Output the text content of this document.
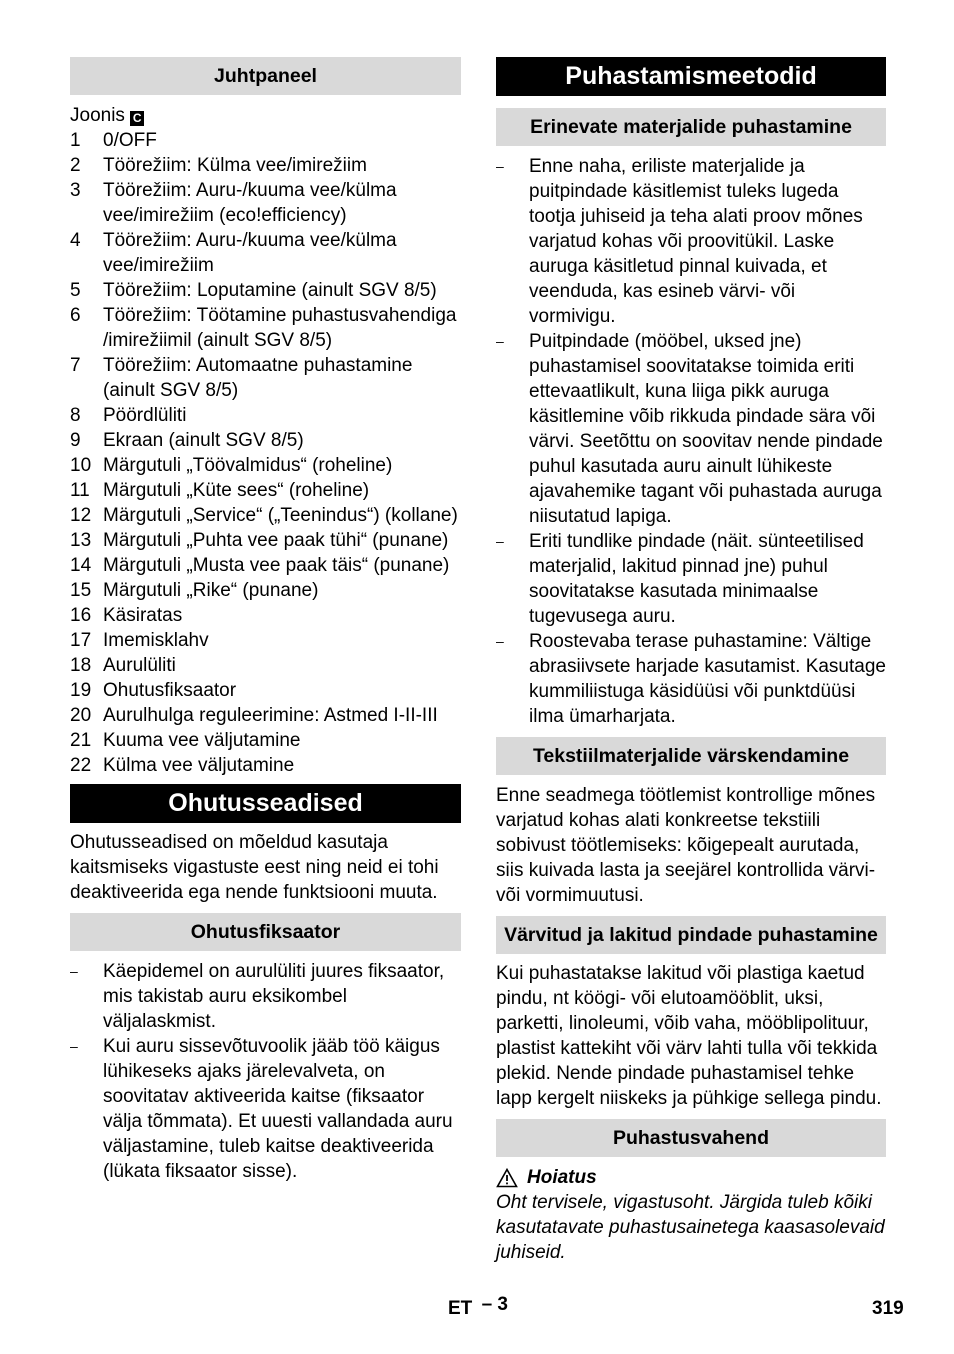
Juhtpaneel
Joonis C
1	0/OFF
2	Töörežiim: Külma vee/imirežiim
3	Töörežiim: Auru-/kuuma vee/külma vee/imirežiim (eco!efficiency)
4	Töörežiim: Auru-/kuuma vee/külma vee/imirežiim
5	Töörežiim: Loputamine (ainult SGV 8/5)
6	Töörežiim: Töötamine puhastusvahendiga /imirežiimil (ainult SGV 8/5)
7	Töörežiim: Automaatne puhastamine (ainult SGV 8/5)
8	Pöördlüliti
9	Ekraan (ainult SGV 8/5)
10 Märgutuli „Töövalmidus“ (roheline)
11 Märgutuli „Küte sees“ (roheline)
12 Märgutuli „Service“ („Teenindus“) (kollane)
13 Märgutuli „Puhta vee paak tühi“ (punane)
14 Märgutuli „Musta vee paak täis“ (punane)
15 Märgutuli „Rike“ (punane)
16 Käsiratas
17 Imemisklahv
18 Aurulüliti
19 Ohutusfiksaator
20 Aurulhulga reguleerimine: Astmed I-II-III
21 Kuuma vee väljutamine
22 Külma vee väljutamine
Ohutusseadised

Ohutusseadised on mõeldud kasutaja kaitsmiseks vigastuste eest ning neid ei tohi deaktiveerida ega nende funktsiooni muuta.

Ohutusfiksaator
–	Käepidemel on aurulüliti juures fiksaator, mis takistab auru eksikombel väljalaskmist.
–	Kui auru sissevõtuvoolik jääb töö käigus lühikeseks ajaks järelevalveta, on soovitatav aktiveerida kaitse (fiksaator välja tõmmata). Et uuesti vallandada auru väljastamine, tuleb kaitse deaktiveerida (lükata fiksaator sisse).
Puhastamismeetodid
Erinevate materjalide puhastamine
–	Enne naha, eriliste materjalide ja puitpindade käsitlemist tuleks lugeda tootja juhiseid ja teha alati proov mõnes varjatud kohas või proovitükil. Laske auruga käsitletud pinnal kuivada, et veenduda, kas esineb värvi- või vormivigu.
–	Puitpindade (mööbel, uksed jne) puhastamisel soovitatakse toimida eriti ettevaatlikult, kuna liiga pikk auruga käsitlemine võib rikkuda pindade sära või värvi. Seetõttu on soovitav nende pindade puhul kasutada auru ainult lühikeste ajavahemike tagant või puhastada auruga niisutatud lapiga.
–	Eriti tundlike pindade (näit. sünteetilised materjalid, lakitud pinnad jne) puhul soovitatakse kasutada minimaalse tugevusega auru.
–	Roostevaba terase puhastamine: Vältige abrasiivsete harjade kasutamist. Kasutage kummiliistuga käsidüüsi või punktdüüsi ilma ümarharjata.
Tekstiilmaterjalide värskendamine

Enne seadmega töötlemist kontrollige mõnes varjatud kohas alati konkreetse tekstiili sobivust töötlemiseks: kõigepealt aurutada, siis kuivada lasta ja seejärel kontrollida värvi- või vormimuutusi.

Värvitud ja lakitud pindade puhastamine

Kui puhastatakse lakitud või plastiga kaetud pindu, nt köögi- või elutoamööblit, uksi, parketti, linoleumi, võib vaha, mööblipolituur, plastist kattekiht või värv lahti tulla või tekkida plekid. Nende pindade puhastamisel tehke lapp kergelt niiskeks ja pühkige sellega pindu.

Puhastusvahend
Hoiatus

Oht tervisele, vigastusoht. Järgida tuleb kõiki kasutatavate puhastusainetega kaasasolevaid juhiseid.

ET – 3	319
